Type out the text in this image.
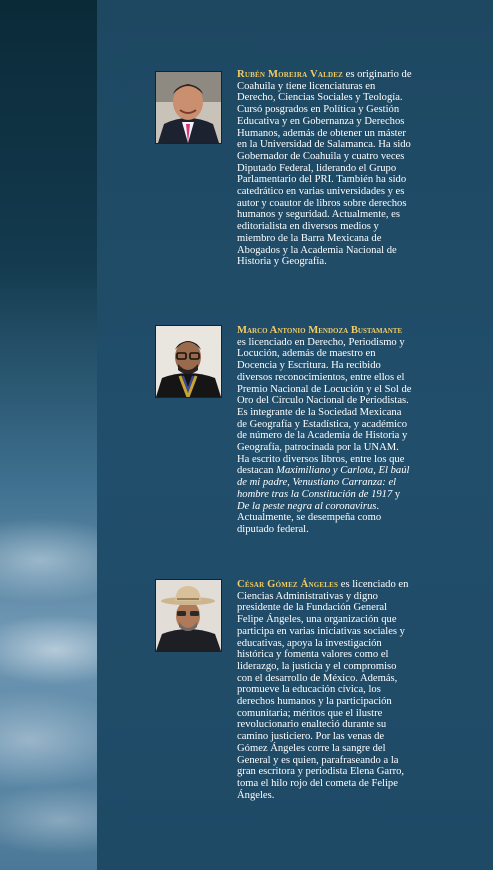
Rubén Moreira Valdez es originario de Coahuila y tiene licenciaturas en Derecho, Ciencias Sociales y Teología. Cursó posgrados en Política y Gestión Educativa y en Gobernanza y Derechos Humanos, además de obtener un máster en la Universidad de Salamanca. Ha sido Gobernador de Coahuila y cuatro veces Diputado Federal, liderando el Grupo Parlamentario del PRI. También ha sido catedrático en varias universidades y es autor y coautor de libros sobre derechos humanos y seguridad. Actualmente, es editorialista en diversos medios y miembro de la Barra Mexicana de Abogados y la Academia Nacional de Historia y Geografía.

Marco Antonio Mendoza Bustamante
es licenciado en Derecho, Periodismo y Locución, además de maestro en Docencia y Escritura. Ha recibido diversos reconocimientos, entre ellos el Premio Nacional de Locución y el Sol de Oro del Círculo Nacional de Periodistas. Es integrante de la Sociedad Mexicana de Geografía y Estadística, y académico de número de la Academia de Historia y Geografía, patrocinada por la UNAM. Ha escrito diversos libros, entre los que destacan Maximiliano y Carlota, El baúl de mi padre, Venustiano Carranza: el hombre tras la Constitución de 1917 y De la peste negra al coronavirus. Actualmente, se desempeña como diputado federal.

César Gómez Ángeles es licenciado en Ciencias Administrativas y digno presidente de la Fundación General Felipe Ángeles, una organización que participa en varias iniciativas sociales y educativas, apoya la investigación histórica y fomenta valores como el liderazgo, la justicia y el compromiso con el desarrollo de México. Además, promueve la educación cívica, los derechos humanos y la participación comunitaria; méritos que el ilustre revolucionario enalteció durante su camino justiciero. Por las venas de Gómez Ángeles corre la sangre del General y es quien, parafraseando a la gran escritora y periodista Elena Garro, toma el hilo rojo del cometa de Felipe Ángeles.
